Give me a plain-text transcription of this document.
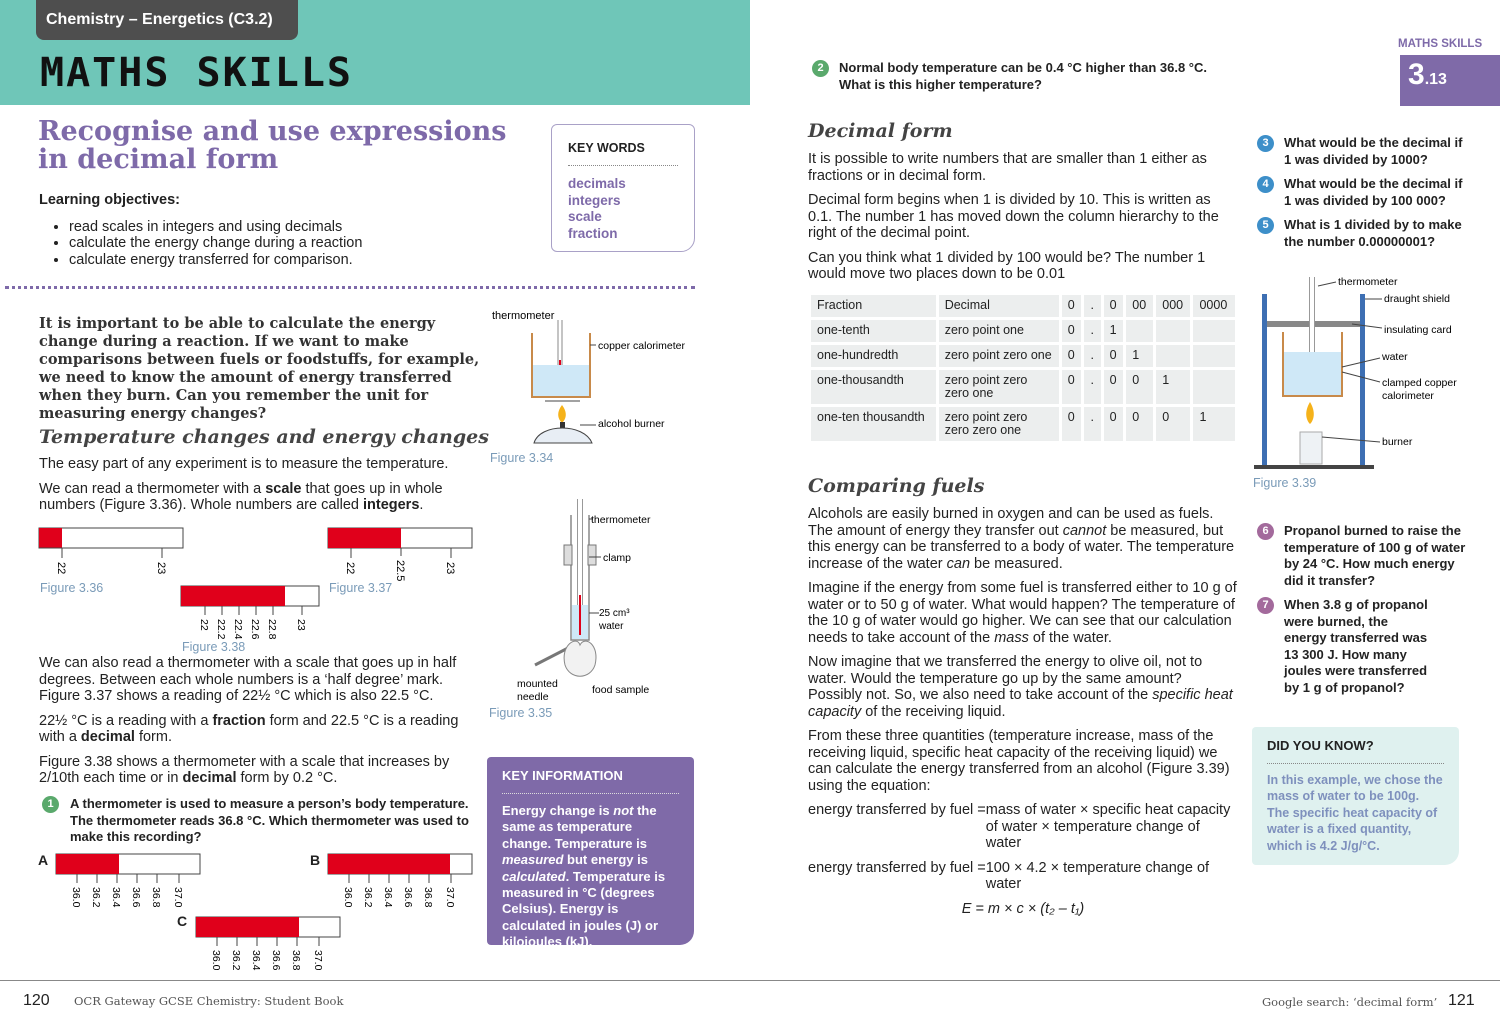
Chemistry – Energetics (C3.2)
MATHS SKILLS
Recognise and use expressions in decimal form
Learning objectives:
• read scales in integers and using decimals
• calculate the energy change during a reaction
• calculate energy transferred for comparison.
KEY WORDS
decimals
integers
scale
fraction
It is important to be able to calculate the energy change during a reaction. If we want to make comparisons between fuels or foodstuffs, for example, we need to know the amount of energy transferred when they burn. Can you remember the unit for measuring energy changes?
Temperature changes and energy changes

The easy part of any experiment is to measure the temperature.

We can read a thermometer with a scale that goes up in whole numbers (Figure 3.36). Whole numbers are called integers.

22	23
Figure 3.36
22	22.5	23
Figure 3.37
22 22.2 22.4 22.6 22.8 23
Figure 3.38

We can also read a thermometer with a scale that goes up in half degrees. Between each whole numbers is a ‘half degree’ mark. Figure 3.37 shows a reading of 22½ °C which is also 22.5 °C.

22½ °C is a reading with a fraction form and 22.5 °C is a reading with a decimal form.

Figure 3.38 shows a thermometer with a scale that increases by 2/10th each time or in decimal form by 0.2 °C.

1	A thermometer is used to measure a person’s body temperature. The thermometer reads 36.8 °C. Which thermometer was used to make this recording?
A
36.0 36.2 36.4 36.6 36.8 37.0
B
36.0 36.2 36.4 36.6 36.8 37.0
C
36.0 36.2 36.4 36.6 36.8 37.0
thermometer
copper calorimeter
alcohol burner
Figure 3.34
thermometer
clamp
25 cm³
water
mounted
needle
food sample
Figure 3.35
KEY INFORMATION
Energy change is not the same as temperature change. Temperature is measured but energy is calculated. Temperature is measured in °C (degrees Celsius). Energy is calculated in joules (J) or kilojoules (kJ).
MATHS SKILLS
3.13
2	Normal body temperature can be 0.4 °C higher than 36.8 °C. What is this higher temperature?
Decimal form

It is possible to write numbers that are smaller than 1 either as fractions or in decimal form.

Decimal form begins when 1 is divided by 10. This is written as 0.1. The number 1 has moved down the column hierarchy to the right of the decimal point.

Can you think what 1 divided by 100 would be? The number 1 would move two places down to be 0.01

Fraction	Decimal	0	.	0	00	000	0000
one-tenth	zero point one	0	.	1			
one-hundredth	zero point zero one	0	.	0	1		
one-thousandth	zero point zero zero one	0	.	0	0	1	
one-ten thousandth	zero point zero zero zero one	0	.	0	0	0	1
Comparing fuels

Alcohols are easily burned in oxygen and can be used as fuels. The amount of energy they transfer out cannot be measured, but this energy can be transferred to a body of water. The temperature increase of the water can be measured.

Imagine if the energy from some fuel is transferred either to 10 g of water or to 50 g of water. What would happen? The temperature of the 10 g of water would go higher. We can see that our calculation needs to take account of the mass of the water.

Now imagine that we transferred the energy to olive oil, not to water. Would the temperature go up by the same amount? Possibly not. So, we also need to take account of the specific heat capacity of the receiving liquid.

From these three quantities (temperature increase, mass of the receiving liquid, specific heat capacity of the receiving liquid) we can calculate the energy transferred from an alcohol (Figure 3.39) using the equation:

energy transferred by fuel = mass of water × specific heat capacity of water × temperature change of water
energy transferred by fuel = 100 × 4.2 × temperature change of water
E = m × c × (t₂ – t₁)
3	What would be the decimal if 1 was divided by 1000?
4	What would be the decimal if 1 was divided by 100 000?
5	What is 1 divided by to make the number 0.00000001?
thermometer
draught shield
insulating card
water
clamped copper
calorimeter
burner
Figure 3.39
6	Propanol burned to raise the temperature of 100 g of water by 24 °C. How much energy did it transfer?
7	When 3.8 g of propanol were burned, the energy transferred was 13 300 J. How many joules were transferred by 1 g of propanol?
DID YOU KNOW?
In this example, we chose the mass of water to be 100g. The specific heat capacity of water is a fixed quantity, which is 4.2 J/g/°C.
120 OCR Gateway GCSE Chemistry: Student Book	Google search: ‘decimal form’ 121
